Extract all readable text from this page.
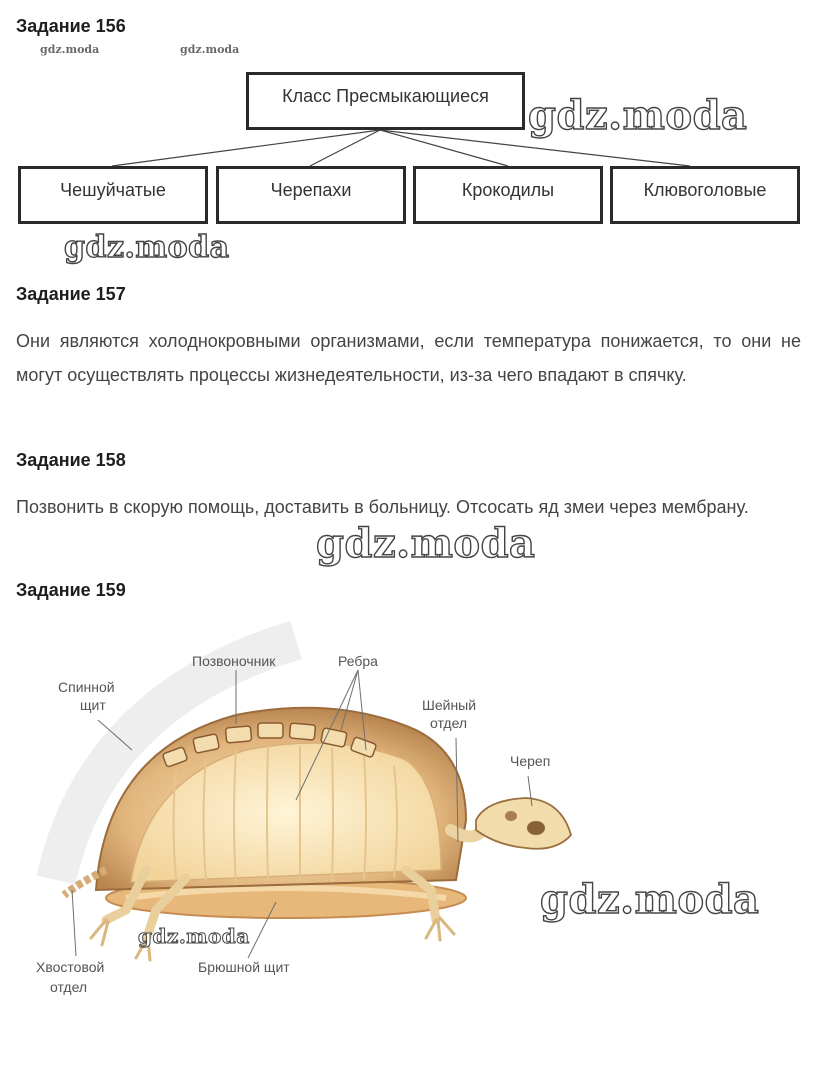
Задание 156
gdz.moda	gdz.moda
Класс Пресмыкающиеся
Чешуйчатые	Черепахи	Крокодилы	Клювоголовые
gdz.moda
gdz.moda
Задание 157

Они являются холоднокровными организмами, если температура понижается, то они не могут осуществлять процессы жизнедеятельности, из-за чего впадают в спячку.

Задание 158

Позвонить в скорую помощь, доставить в больницу. Отсосать яд змеи через мембрану.

gdz.moda
Задание 159
Спинной
щит
Позвоночник	Ребра
Шейный
отдел
Череп
Хвостовой
отдел
Брюшной щит
gdz.moda
gdz.moda
